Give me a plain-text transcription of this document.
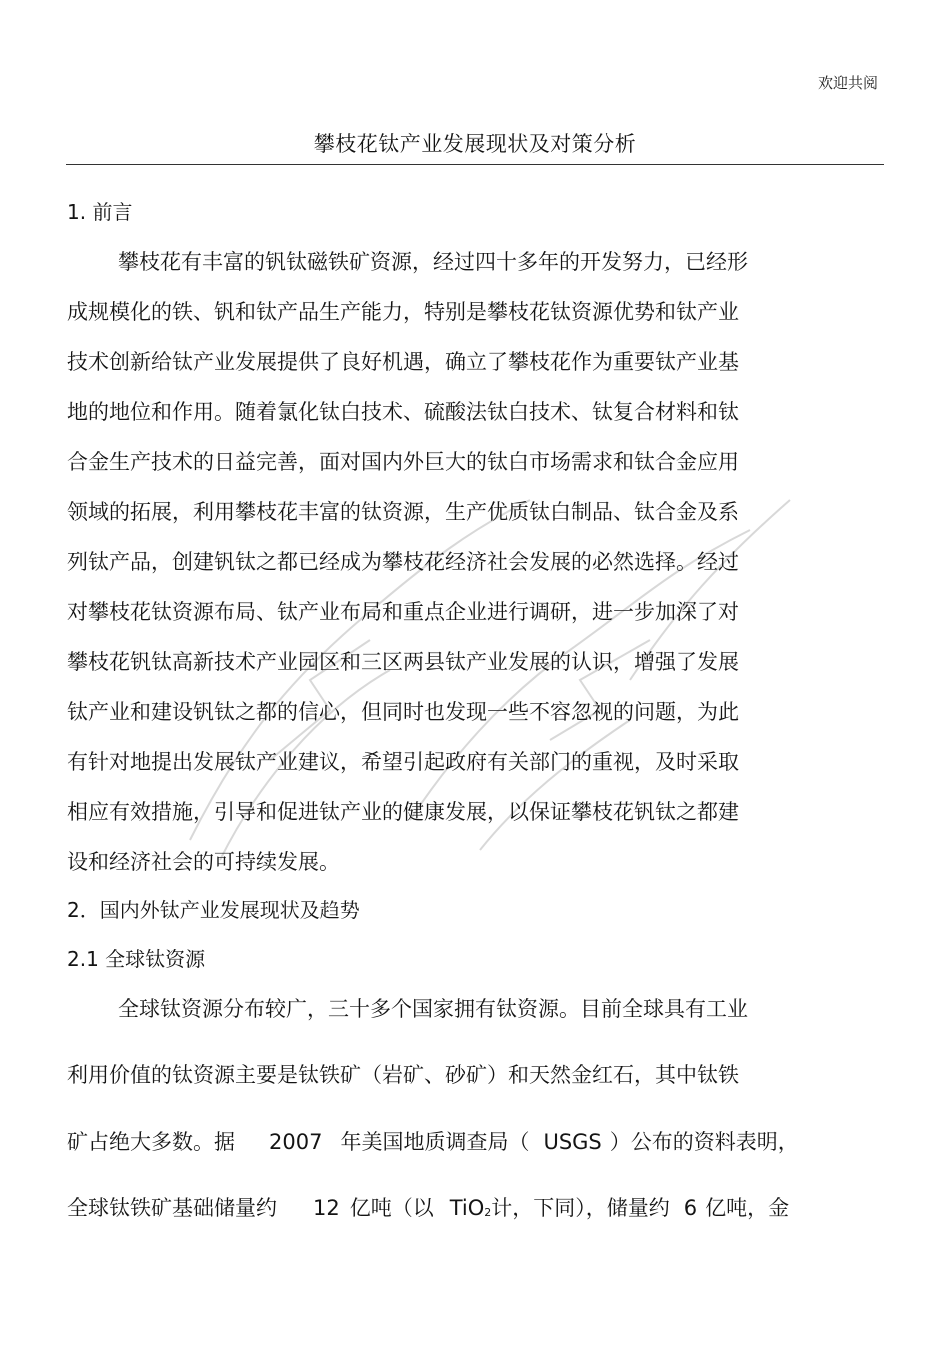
欢迎共阅
攀枝花钛产业发展现状及对策分析
1. 前言
攀枝花有丰富的钒钛磁铁矿资源，经过四十多年的开发努力，已经形
成规模化的铁、钒和钛产品生产能力，特别是攀枝花钛资源优势和钛产业
技术创新给钛产业发展提供了良好机遇，确立了攀枝花作为重要钛产业基
地的地位和作用。随着氯化钛白技术、硫酸法钛白技术、钛复合材料和钛
合金生产技术的日益完善，面对国内外巨大的钛白市场需求和钛合金应用
领域的拓展，利用攀枝花丰富的钛资源，生产优质钛白制品、钛合金及系
列钛产品，创建钒钛之都已经成为攀枝花经济社会发展的必然选择。经过
对攀枝花钛资源布局、钛产业布局和重点企业进行调研，进一步加深了对
攀枝花钒钛高新技术产业园区和三区两县钛产业发展的认识，增强了发展
钛产业和建设钒钛之都的信心，但同时也发现一些不容忽视的问题，为此
有针对地提出发展钛产业建议，希望引起政府有关部门的重视，及时采取
相应有效措施，引导和促进钛产业的健康发展，以保证攀枝花钒钛之都建
设和经济社会的可持续发展。
2．国内外钛产业发展现状及趋势
2.1 全球钛资源
全球钛资源分布较广，三十多个国家拥有钛资源。目前全球具有工业
利用价值的钛资源主要是钛铁矿（岩矿、砂矿）和天然金红石，其中钛铁
矿占绝大多数。据 2007 年美国地质调查局（ USGS ）公布的资料表明，
全球钛铁矿基础储量约 12 亿吨（以 TiO$_2$计，下同），储量约 6 亿吨，金
